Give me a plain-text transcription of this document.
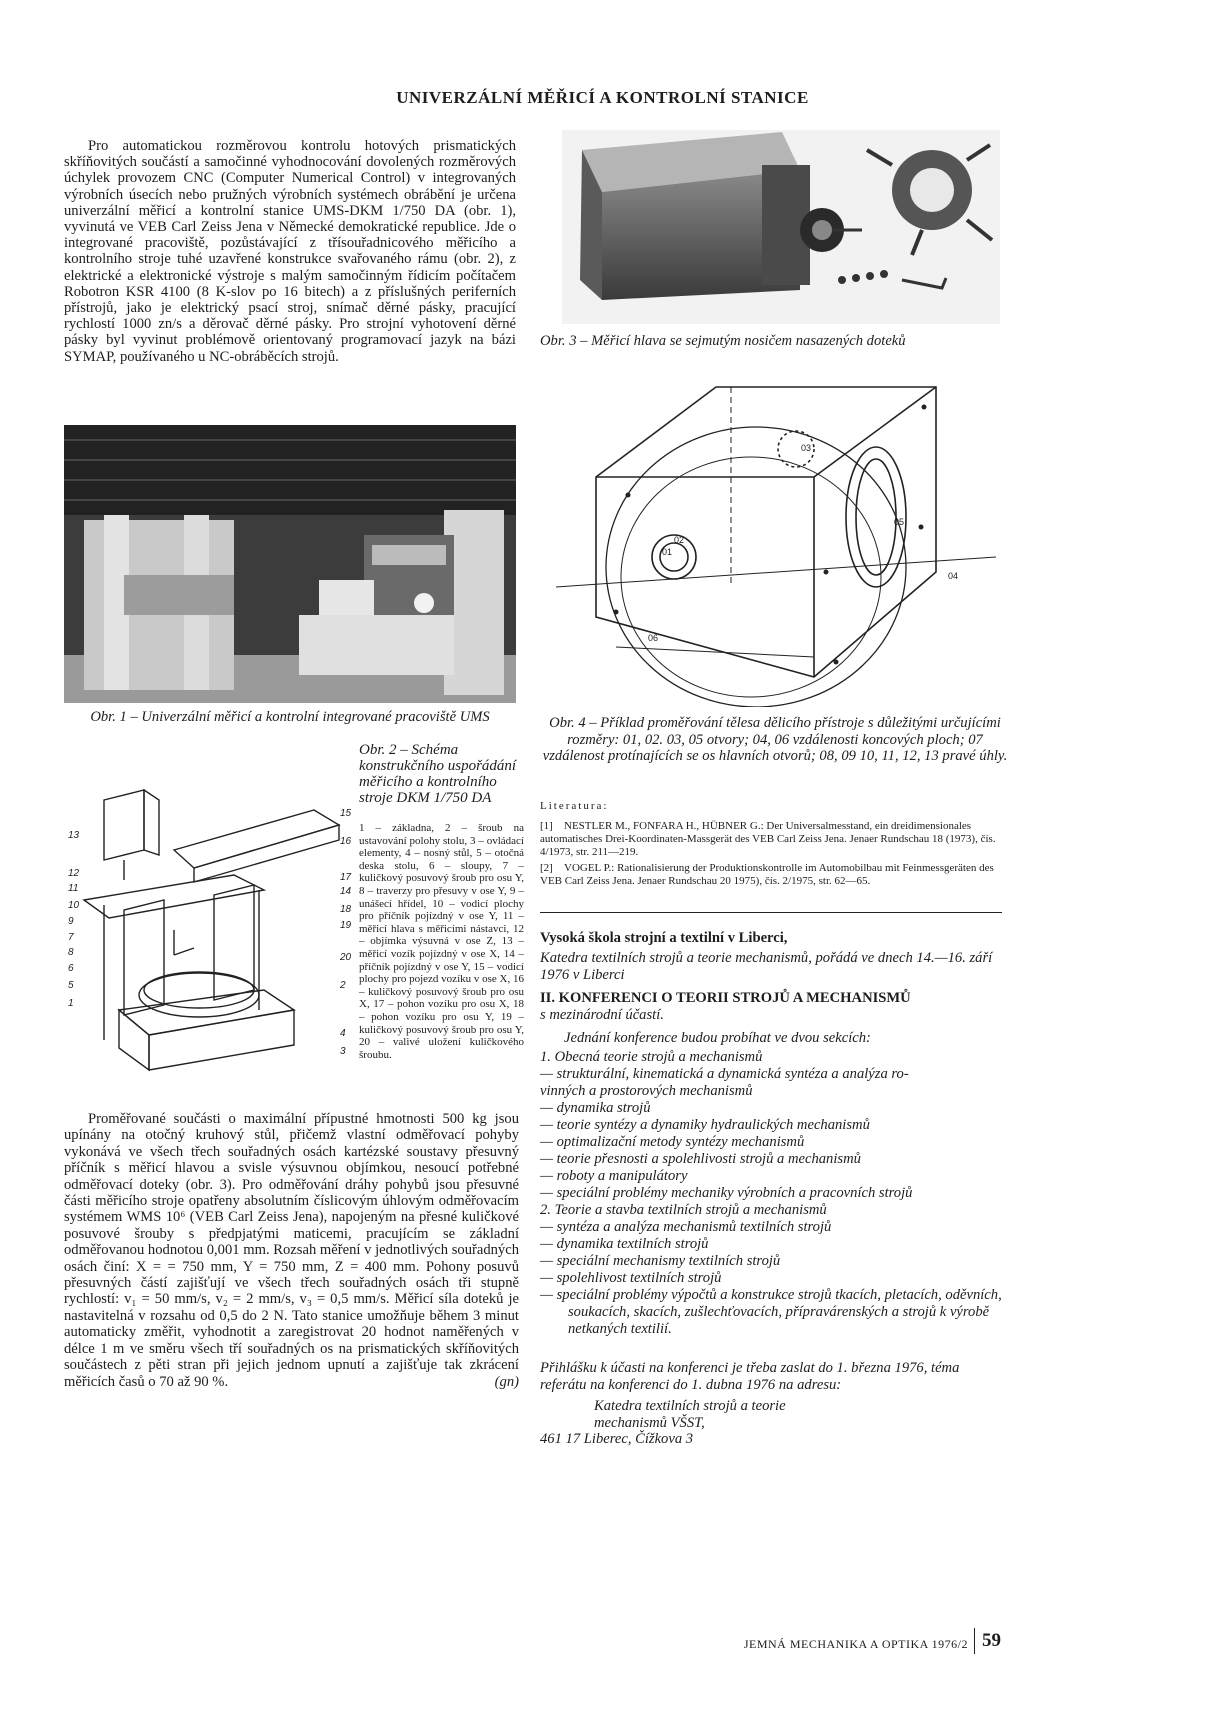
UNIVERZÁLNÍ MĚŘICÍ A KONTROLNÍ STANICE
Pro automatickou rozměrovou kontrolu hotových prismatických skříňovitých součástí a samočinné vyhodnocování dovolených rozměrových úchylek provozem CNC (Computer Numerical Control) v integrovaných výrobních úsecích nebo pružných výrobních systémech obrábění je určena univerzální měřicí a kontrolní stanice UMS-DKM 1/750 DA (obr. 1), vyvinutá ve VEB Carl Zeiss Jena v Německé demokratické republice. Jde o integrované pracoviště, pozůstávající z třísouřadnicového měřicího a kontrolního stroje tuhé uzavřené konstrukce svařovaného rámu (obr. 2), z elektrické a elektronické výstroje s malým samočinným řídicím počítačem Robotron KSR 4100 (8 K-slov po 16 bitech) a z příslušných periferních přístrojů, jako je elektrický psací stroj, snímač děrné pásky, pracující rychlostí 1000 zn/s a děrovač děrné pásky. Pro strojní vyhotovení děrné pásky byl vyvinut problémově orientovaný programovací jazyk na bázi SYMAP, používaného u NC-obráběcích strojů.
Obr. 3 – Měřicí hlava se sejmutým nosičem nasazených doteků
01
02
03
05
04
06
Obr. 4 – Příklad proměřování tělesa dělicího přístroje s důležitými určujícími rozměry: 01, 02. 03, 05 otvory; 04, 06 vzdálenosti koncových ploch; 07 vzdálenost protínajících se os hlavních otvorů; 08, 09 10, 11, 12, 13 pravé úhly.
Obr. 1 – Univerzální měřicí a kontrolní integrované pracoviště UMS
Obr. 2 – Schéma konstrukčního uspořádání měřicího a kontrolního stroje DKM 1/750 DA
1 – základna, 2 – šroub na ustavování polohy stolu, 3 – ovládací elementy, 4 – nosný stůl, 5 – otočná deska stolu, 6 – sloupy, 7 – kuličkový posuvový šroub pro osu Y, 8 – traverzy pro přesuvy v ose Y, 9 – unášecí hřídel, 10 – vodicí plochy pro příčník pojízdný v ose Y, 11 – měřicí hlava s měřicími nástavci, 12 – objímka výsuvná v ose Z, 13 – měřicí vozík pojízdný v ose X, 14 – příčník pojízdný v ose Y, 15 – vodicí plochy pro pojezd vozíku v ose X, 16 – kuličkový posuvový šroub pro osu X, 17 – pohon vozíku pro osu X, 18 – pohon vozíku pro osu Y, 19 – kuličkový posuvový šroub pro osu Y, 20 – valivé uložení kuličkového šroubu.
13
12
11
10
9
7
8
6
5
1
15
16
17
14
18
19
20
2
4
3
Proměřované součásti o maximální přípustné hmotnosti 500 kg jsou upínány na otočný kruhový stůl, přičemž vlastní odměřovací pohyby vykonává ve všech třech souřadných osách kartézské soustavy přesuvný příčník s měřicí hlavou a svisle výsuvnou objímkou, nesoucí potřebné odměřovací doteky (obr. 3). Pro odměřování dráhy pohybů jsou přesuvné části měřicího stroje opatřeny absolutním číslicovým úhlovým odměřovacím systémem WMS 10⁶ (VEB Carl Zeiss Jena), napojeným na přesné kuličkové posuvové šrouby s předpjatými maticemi, pracujícím se základní odměřovanou hodnotou 0,001 mm. Rozsah měření v jednotlivých souřadných osách činí: X = = 750 mm, Y = 750 mm, Z = 400 mm. Pohony posuvů přesuvných částí zajišťují ve všech třech souřadných osách tři stupně rychlostí: v₁ = 50 mm/s, v₂ = 2 mm/s, v₃ = 0,5 mm/s. Měřicí síla doteků je nastavitelná v rozsahu od 0,5 do 2 N. Tato stanice umožňuje během 3 minut automaticky změřit, vyhodnotit a zaregistrovat 20 hodnot naměřených v délce 1 m ve směru všech tří souřadných os na prismatických skříňovitých součástech z pěti stran při jejich jednom upnutí a zajišťuje tak zkrácení měřicích časů o 70 až 90 %.	(gn)
Literatura:

[1] NESTLER M., FONFARA H., HÜBNER G.: Der Universalmesstand, ein dreidimensionales automatisches Drei-Koordinaten-Massgerät des VEB Carl Zeiss Jena. Jenaer Rundschau 18 (1973), čís. 4/1973, str. 211—219.

[2] VOGEL P.: Rationalisierung der Produktionskontrolle im Automobilbau mit Feinmessgeräten des VEB Carl Zeiss Jena. Jenaer Rundschau 20 1975), čís. 2/1975, str. 62—65.

Vysoká škola strojní a textilní v Liberci,
Katedra textilních strojů a teorie mechanismů, pořádá ve dnech 14.—16. září 1976 v Liberci
II. KONFERENCI O TEORII STROJŮ A MECHANISMŮ
s mezinárodní účastí.
Jednání konference budou probíhat ve dvou sekcích:
1. Obecná teorie strojů a mechanismů
— strukturální, kinematická a dynamická syntéza a analýza ro-
vinných a prostorových mechanismů
— dynamika strojů
— teorie syntézy a dynamiky hydraulických mechanismů
— optimalizační metody syntézy mechanismů
— teorie přesnosti a spolehlivosti strojů a mechanismů
— roboty a manipulátory
— speciální problémy mechaniky výrobních a pracovních strojů
2. Teorie a stavba textilních strojů a mechanismů
— syntéza a analýza mechanismů textilních strojů
— dynamika textilních strojů
— speciální mechanismy textilních strojů
— spolehlivost textilních strojů
— speciální problémy výpočtů a konstrukce strojů tkacích, pletacích, oděvních, soukacích, skacích, zušlechťovacích, přípravárenských a strojů k výrobě netkaných textilií.
Přihlášku k účasti na konferenci je třeba zaslat do 1. března 1976, téma referátu na konferenci do 1. dubna 1976 na adresu:
Katedra textilních strojů a teorie
mechanismů VŠST,
461 17 Liberec, Čížkova 3
JEMNÁ MECHANIKA A OPTIKA 1976/2 59
